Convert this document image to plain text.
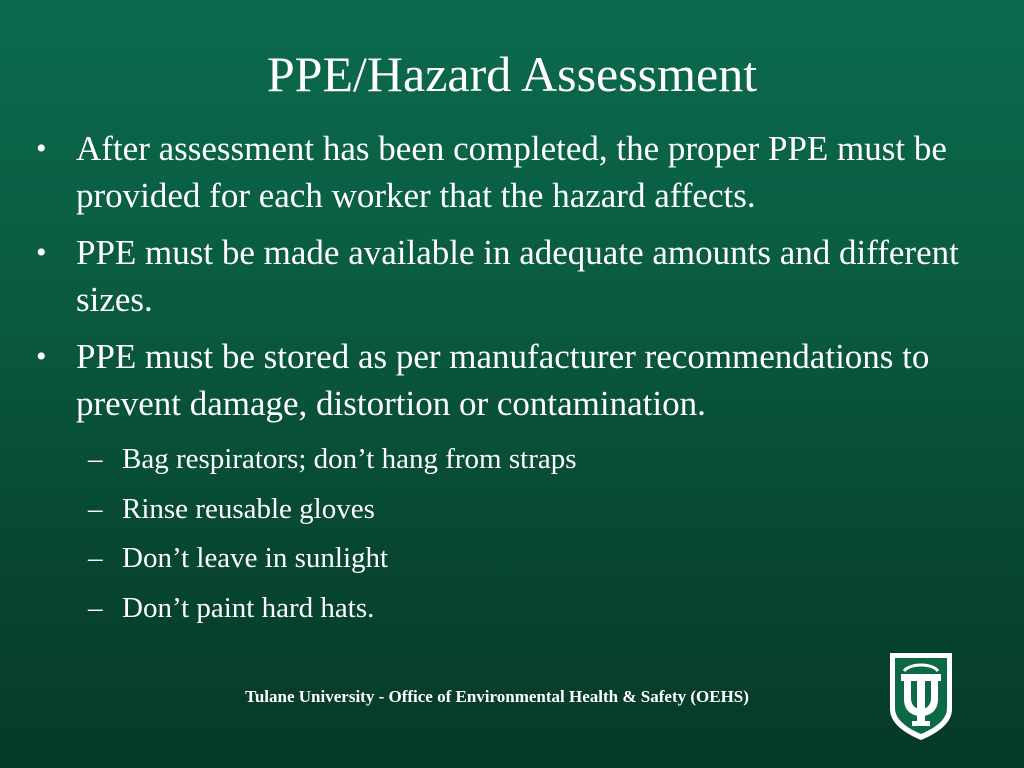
PPE/Hazard Assessment
• After assessment has been completed, the proper PPE must be provided for each worker that the hazard affects.
• PPE must be made available in adequate amounts and different sizes.
• PPE must be stored as per manufacturer recommendations to prevent damage, distortion or contamination.
– Bag respirators; don’t hang from straps
– Rinse reusable gloves
– Don’t leave in sunlight
– Don’t paint hard hats.
Tulane University - Office of Environmental Health & Safety (OEHS)
